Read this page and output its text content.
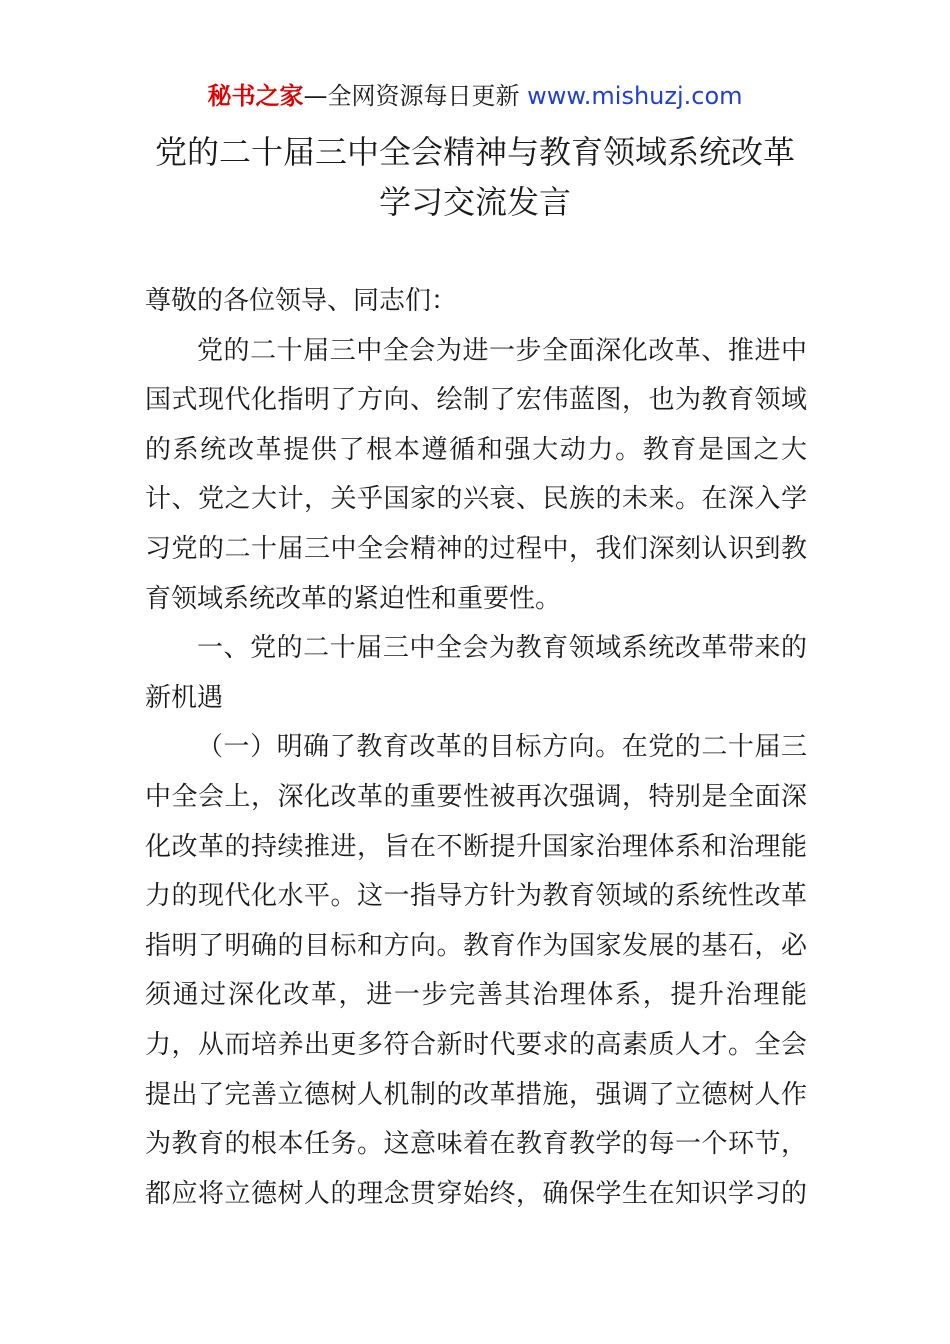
秘书之家—全网资源每日更新 www.mishuzj.com
党的二十届三中全会精神与教育领域系统改革
学习交流发言
尊敬的各位领导、同志们：
党的二十届三中全会为进一步全面深化改革、推进中
国式现代化指明了方向、绘制了宏伟蓝图，也为教育领域
的系统改革提供了根本遵循和强大动力。教育是国之大
计、党之大计，关乎国家的兴衰、民族的未来。在深入学
习党的二十届三中全会精神的过程中，我们深刻认识到教
育领域系统改革的紧迫性和重要性。
一、党的二十届三中全会为教育领域系统改革带来的
新机遇
（一）明确了教育改革的目标方向。在党的二十届三
中全会上，深化改革的重要性被再次强调，特别是全面深
化改革的持续推进，旨在不断提升国家治理体系和治理能
力的现代化水平。这一指导方针为教育领域的系统性改革
指明了明确的目标和方向。教育作为国家发展的基石，必
须通过深化改革，进一步完善其治理体系，提升治理能
力，从而培养出更多符合新时代要求的高素质人才。全会
提出了完善立德树人机制的改革措施，强调了立德树人作
为教育的根本任务。这意味着在教育教学的每一个环节，
都应将立德树人的理念贯穿始终，确保学生在知识学习的
